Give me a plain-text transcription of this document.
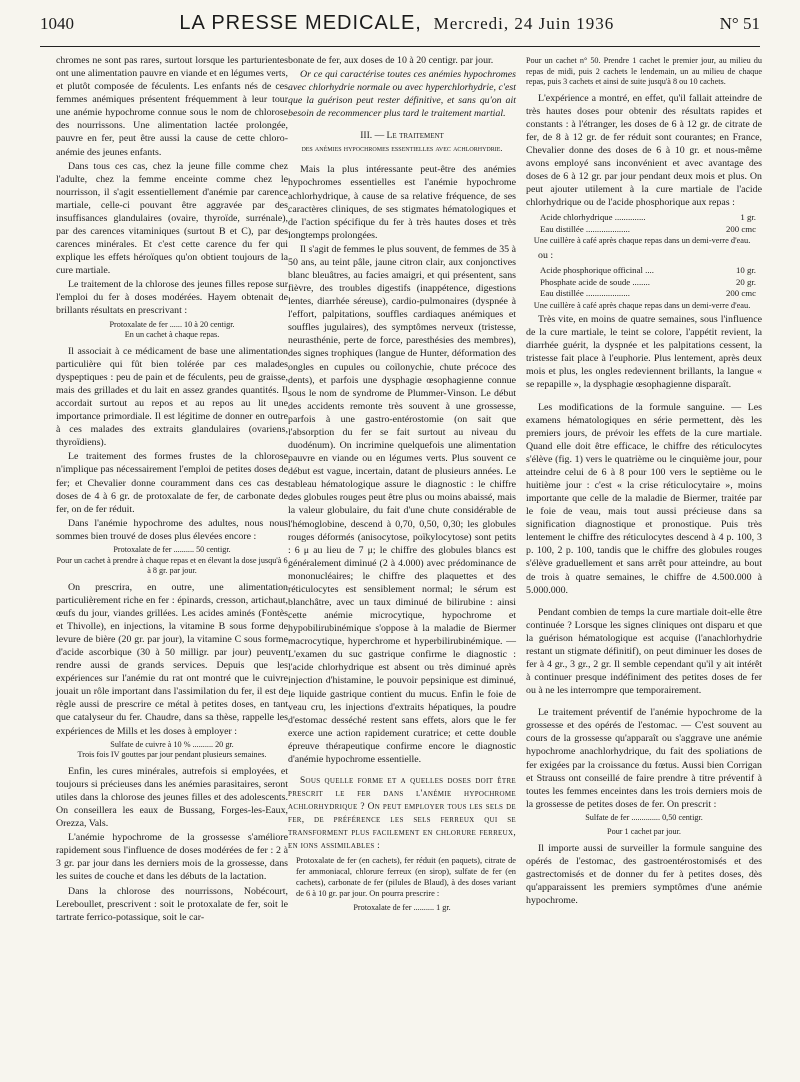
1040	LA PRESSE MEDICALE, Mercredi, 24 Juin 1936	N° 51

chromes ne sont pas rares, surtout lorsque les parturientes ont une alimentation pauvre en viande et en légumes verts, et plutôt composée de féculents. Les enfants nés de ces femmes anémiques présentent fréquemment à leur tour une anémie hypochrome connue sous le nom de chlorose des nourrissons. Une alimentation lactée prolongée, pauvre en fer, peut être aussi la cause de cette chloro-anémie des jeunes enfants.

Dans tous ces cas, chez la jeune fille comme chez l'adulte, chez la femme enceinte comme chez le nourrisson, il s'agit essentiellement d'anémie par carence martiale, celle-ci pouvant être aggravée par des insuffisances glandulaires (ovaire, thyroïde, surrénale), par des carences vitaminiques (surtout B et C), par des carences minérales. Et c'est cette carence du fer qui explique les effets héroïques qu'on obtient toujours de la cure martiale.

Le traitement de la chlorose des jeunes filles repose sur l'emploi du fer à doses modérées. Hayem obtenait de brillants résultats en prescrivant :

Protoxalate de fer ...... 10 à 20 centigr.
En un cachet à chaque repas.

Il associait à ce médicament de base une alimentation particulière qui fût bien tolérée par ces malades dyspeptiques : peu de pain et de féculents, peu de graisse, mais des grillades et du lait en assez grandes quantités. Il accordait surtout au repos et au repos au lit une importance primordiale. Il est légitime de donner en outre à ces malades des extraits glandulaires (ovariens, thyroïdiens).

Le traitement des formes frustes de la chlorose n'implique pas nécessairement l'emploi de petites doses de fer; et Chevalier donne couramment dans ces cas des doses de 4 à 6 gr. de protoxalate de fer, de carbonate de fer, on de fer réduit.

Dans l'anémie hypochrome des adultes, nous nous sommes bien trouvé de doses plus élevées encore :

Protoxalate de fer .......... 50 centigr.
Pour un cachet à prendre à chaque repas et en élevant la dose jusqu'à 6 à 8 gr. par jour.

On prescrira, en outre, une alimentation particulièrement riche en fer : épinards, cresson, artichaut, œufs du jour, viandes grillées. Les acides aminés (Fontès et Thivolle), en injections, la vitamine B sous forme de levure de bière (20 gr. par jour), la vitamine C sous forme d'acide ascorbique (30 à 50 milligr. par jour) peuvent rendre aussi de grands services. Depuis que les expériences sur l'anémie du rat ont montré que le cuivre jouait un rôle important dans l'assimilation du fer, il est de règle aussi de prescrire ce métal à petites doses, en tant que catalyseur du fer. Chaudre, dans sa thèse, rappelle les expériences de Mills et les doses à employer :

Sulfate de cuivre à 10 % .......... 20 gr.
Trois fois IV gouttes par jour pendant plusieurs semaines.

Enfin, les cures minérales, autrefois si employées, et toujours si précieuses dans les anémies parasitaires, seront utiles dans la chlorose des jeunes filles et des adolescents. On conseillera les eaux de Bussang, Forges-les-Eaux, Orezza, Vals.

L'anémie hypochrome de la grossesse s'améliore rapidement sous l'influence de doses modérées de fer : 2 à 3 gr. par jour dans les derniers mois de la grossesse, dans les suites de couche et dans les débuts de la lactation.

Dans la chlorose des nourrissons, Nobécourt, Lereboullet, prescrivent : soit le protoxalate de fer, soit le tartrate ferrico-potassique, soit le car-

bonate de fer, aux doses de 10 à 20 centigr. par jour.

Or ce qui caractérise toutes ces anémies hypochromes avec chlorhydrie normale ou avec hyperchlorhydrie, c'est que la guérison peut rester définitive, et sans qu'on ait besoin de recommencer plus tard le traitement martial.

III. — Le traitement
des anémies hypochromes essentielles avec achlorhydrie.

Mais la plus intéressante peut-être des anémies hypochromes essentielles est l'anémie hypochrome achlorhydrique, à cause de sa relative fréquence, de ses caractères cliniques, de ses stigmates hématologiques et de l'action spécifique du fer à très hautes doses et très longtemps prolongées.

Il s'agit de femmes le plus souvent, de femmes de 35 à 50 ans, au teint pâle, jaune citron clair, aux conjonctives blanc bleuâtres, au facies amaigri, et qui présentent, sans fièvre, des troubles digestifs (inappétence, digestions lentes, diarrhée séreuse), cardio-pulmonaires (dyspnée à l'effort, palpitations, souffles cardiaques anémiques et souffles jugulaires), des symptômes nerveux (tristesse, neurasthénie, perte de force, paresthésies des membres), des signes trophiques (langue de Hunter, déformation des ongles en cupules ou coïlonychie, chute précoce des dents), et parfois une dysphagie œsophagienne connue sous le nom de syndrome de Plummer-Vinson. Le début des accidents remonte très souvent à une grossesse, parfois à une gastro-entérostomie (on sait que l'absorption du fer se fait surtout au niveau du duodénum). On incrimine quelquefois une alimentation pauvre en viande ou en légumes verts. Plus souvent ce début est vague, incertain, datant de plusieurs années. Le tableau hématologique assure le diagnostic : le chiffre des globules rouges peut être plus ou moins abaissé, mais la valeur globulaire, du fait d'une chute considérable de l'hémoglobine, descend à 0,70, 0,50, 0,30; les globules rouges déformés (anisocytose, poïkylocytose) sont petits : 6 μ au lieu de 7 μ; le chiffre des globules blancs est généralement diminué (2 à 4.000) avec prédominance de mononucléaires; le chiffre des plaquettes et des réticulocytes est sensiblement normal; le sérum est blanchâtre, avec un taux diminué de bilirubine : ainsi cette anémie microcytique, hypochrome et hypobilirubinémique s'oppose à la maladie de Biermer macrocytique, hyperchrome et hyperbilirubinémique. — L'examen du suc gastrique confirme le diagnostic : l'acide chlorhydrique est absent ou très diminué après injection d'histamine, le pouvoir pepsinique est diminué, le liquide gastrique contient du mucus. Enfin le foie de veau cru, les injections d'extraits hépatiques, la poudre d'estomac desséché restent sans effets, alors que le fer exerce une action rapidement curatrice; et cette double épreuve thérapeutique confirme encore le diagnostic d'anémie hypochrome essentielle.

Sous quelle forme et a quelles doses doit être prescrit le fer dans l'anémie hypochrome achlorhydrique ? On peut employer tous les sels de fer, de préférence les sels ferreux qui se transforment plus facilement en chlorure ferreux, en ions assimilables :

Protoxalate de fer (en cachets), fer réduit (en paquets), citrate de fer ammoniacal, chlorure ferreux (en sirop), sulfate de fer (en cachets), carbonate de fer (pilules de Blaud), à des doses variant de 6 à 10 gr. par jour. On pourra prescrire :

Protoxalate de fer .......... 1 gr.

Pour un cachet n° 50. Prendre 1 cachet le premier jour, au milieu du repas de midi, puis 2 cachets le lendemain, un au milieu de chaque repas, puis 3 cachets et ainsi de suite jusqu'à 8 ou 10 cachets.

L'expérience a montré, en effet, qu'il fallait atteindre de très hautes doses pour obtenir des résultats rapides et constants : à l'étranger, les doses de 6 à 12 gr. de citrate de fer, de 8 à 12 gr. de fer réduit sont courantes; en France, Chevalier donne des doses de 6 à 10 gr. et nous-même avons employé sans inconvénient et avec avantage des doses de 6 à 12 gr. par jour pendant deux mois et plus. On peut ajouter utilement à la cure martiale de l'acide chlorhydrique ou de l'acide phosphorique aux repas :

Acide chlorhydrique ..............	1 gr.
Eau distillée ....................	200 cmc
Une cuillère à café après chaque repas dans un demi-verre d'eau.	

ou :

Acide phosphorique officinal ....	10 gr.
Phosphate acide de soude ........	20 gr.
Eau distillée ....................	200 cmc
Une cuillère à café après chaque repas dans un demi-verre d'eau.	

Très vite, en moins de quatre semaines, sous l'influence de la cure martiale, le teint se colore, l'appétit revient, la diarrhée guérit, la dyspnée et les palpitations cessent, la tristesse fait place à l'euphorie. Plus lentement, après deux mois et plus, les ongles redeviennent brillants, la langue « se repapille », la dysphagie œsophagienne disparaît.

Les modifications de la formule sanguine. — Les examens hématologiques en série permettent, dès les premiers jours, de prévoir les effets de la cure martiale. Quand elle doit être efficace, le chiffre des réticulocytes s'élève (fig. 1) vers le quatrième ou le cinquième jour, pour atteindre celui de 6 à 8 pour 100 vers le septième ou le huitième jour : c'est « la crise réticulocytaire », moins importante que celle de la maladie de Biermer, traitée par le foie de veau, mais tout aussi précieuse dans sa signification diagnostique et pronostique. Puis très lentement le chiffre des réticulocytes descend à 4 p. 100, 3 p. 100, 2 p. 100, tandis que le chiffre des globules rouges s'élève graduellement et sans arrêt pour atteindre, au bout de trois à quatre semaines, le chiffre de 4.500.000 à 5.000.000.

Pendant combien de temps la cure martiale doit-elle être continuée ? Lorsque les signes cliniques ont disparu et que la guérison hématologique est acquise (l'anachlorhydrie restant un stigmate définitif), on peut diminuer les doses de fer à 4 gr., 3 gr., 2 gr. Il semble cependant qu'il y ait intérêt à continuer presque indéfiniment des petites doses de fer ou à ne les interrompre que temporairement.

Le traitement préventif de l'anémie hypochrome de la grossesse et des opérés de l'estomac. — C'est souvent au cours de la grossesse qu'apparaît ou s'aggrave une anémie hypochrome anachlorhydrique, du fait des spoliations de fer exigées par la croissance du fœtus. Aussi bien Corrigan et Strauss ont conseillé de faire prendre à titre préventif à toutes les femmes enceintes dans les trois derniers mois de la grossesse de petites doses de fer. On prescrit :

Sulfate de fer .............. 0,50 centigr.

Pour 1 cachet par jour.

Il importe aussi de surveiller la formule sanguine des opérés de l'estomac, des gastroentérostomisés et des gastrectomisés et de donner du fer à petites doses, dès qu'apparaissent les premiers symptômes d'une anémie hypochrome.
